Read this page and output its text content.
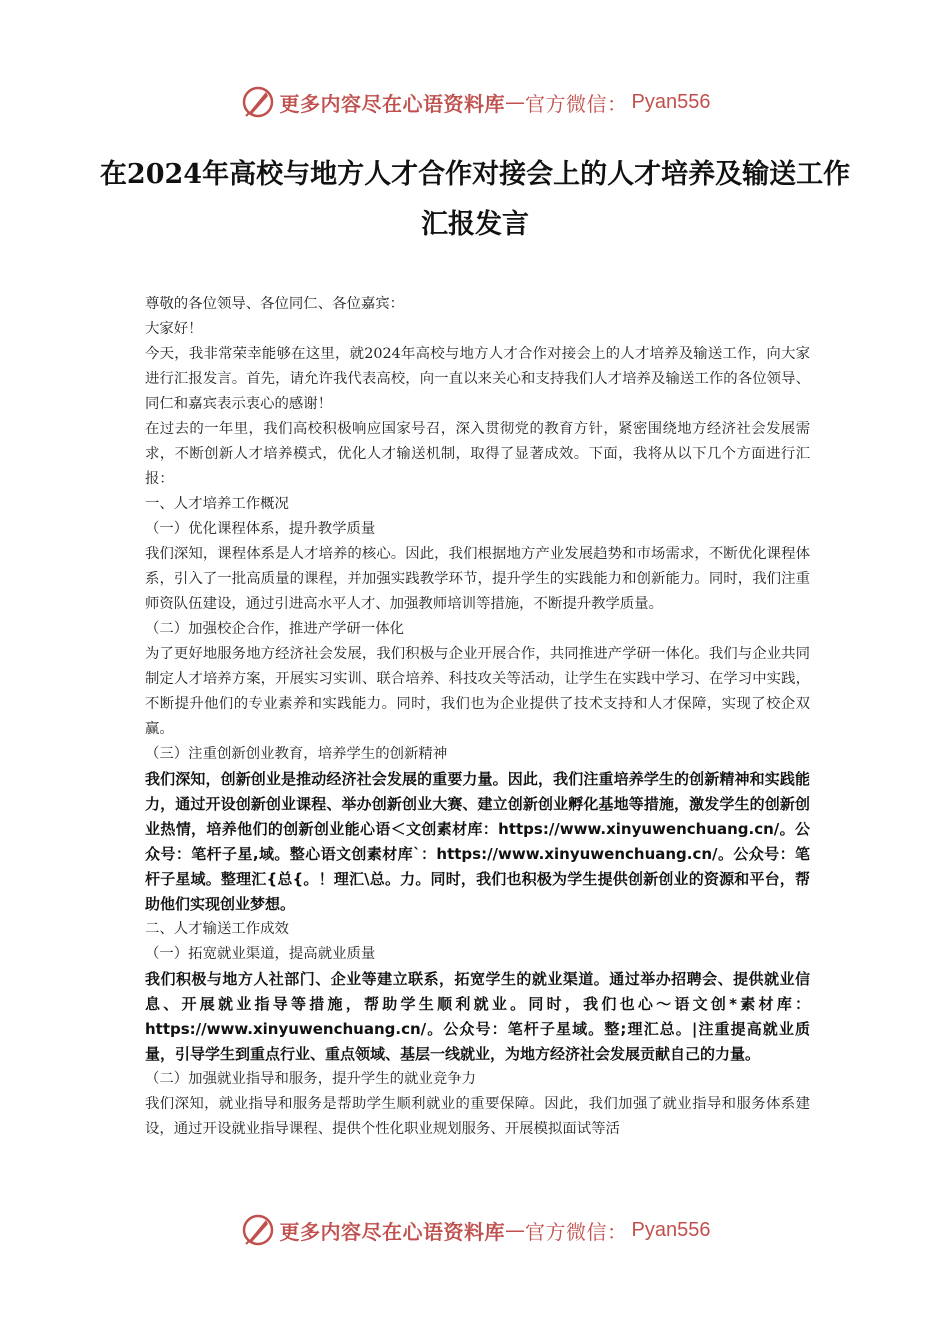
更多内容尽在心语资料库 — 官方微信： Pyan556
在2024年高校与地方人才合作对接会上的人才培养及输送工作汇报发言

尊敬的各位领导、各位同仁、各位嘉宾：

大家好！

今天，我非常荣幸能够在这里，就2024年高校与地方人才合作对接会上的人才培养及输送工作，向大家进行汇报发言。首先，请允许我代表高校，向一直以来关心和支持我们人才培养及输送工作的各位领导、同仁和嘉宾表示衷心的感谢！

在过去的一年里，我们高校积极响应国家号召，深入贯彻党的教育方针，紧密围绕地方经济社会发展需求，不断创新人才培养模式，优化人才输送机制，取得了显著成效。下面，我将从以下几个方面进行汇报：

一、人才培养工作概况

（一）优化课程体系，提升教学质量

我们深知，课程体系是人才培养的核心。因此，我们根据地方产业发展趋势和市场需求，不断优化课程体系，引入了一批高质量的课程，并加强实践教学环节，提升学生的实践能力和创新能力。同时，我们注重师资队伍建设，通过引进高水平人才、加强教师培训等措施，不断提升教学质量。

（二）加强校企合作，推进产学研一体化

为了更好地服务地方经济社会发展，我们积极与企业开展合作，共同推进产学研一体化。我们与企业共同制定人才培养方案，开展实习实训、联合培养、科技攻关等活动，让学生在实践中学习、在学习中实践，不断提升他们的专业素养和实践能力。同时，我们也为企业提供了技术支持和人才保障，实现了校企双赢。

（三）注重创新创业教育，培养学生的创新精神

我们深知，创新创业是推动经济社会发展的重要力量。因此，我们注重培养学生的创新精神和实践能力，通过开设创新创业课程、举办创新创业大赛、建立创新创业孵化基地等措施，激发学生的创新创业热情，培养他们的创新创业能心语＜文创素材库：https://www.xinyuwenchuang.cn/。公众号：笔杆子星,域。整心语文创素材库`：https://www.xinyuwenchuang.cn/。公众号：笔杆子星域。整理汇{总{。！理汇\总。力。同时，我们也积极为学生提供创新创业的资源和平台，帮助他们实现创业梦想。

二、人才输送工作成效

（一）拓宽就业渠道，提高就业质量

我们积极与地方人社部门、企业等建立联系，拓宽学生的就业渠道。通过举办招聘会、提供就业信息、开展就业指导等措施，帮助学生顺利就业。同时，我们也心～语文创*素材库：https://www.xinyuwenchuang.cn/。公众号：笔杆子星域。整;理汇总。|注重提高就业质量，引导学生到重点行业、重点领域、基层一线就业，为地方经济社会发展贡献自己的力量。

（二）加强就业指导和服务，提升学生的就业竞争力

我们深知，就业指导和服务是帮助学生顺利就业的重要保障。因此，我们加强了就业指导和服务体系建设，通过开设就业指导课程、提供个性化职业规划服务、开展模拟面试等活

更多内容尽在心语资料库 — 官方微信： Pyan556
